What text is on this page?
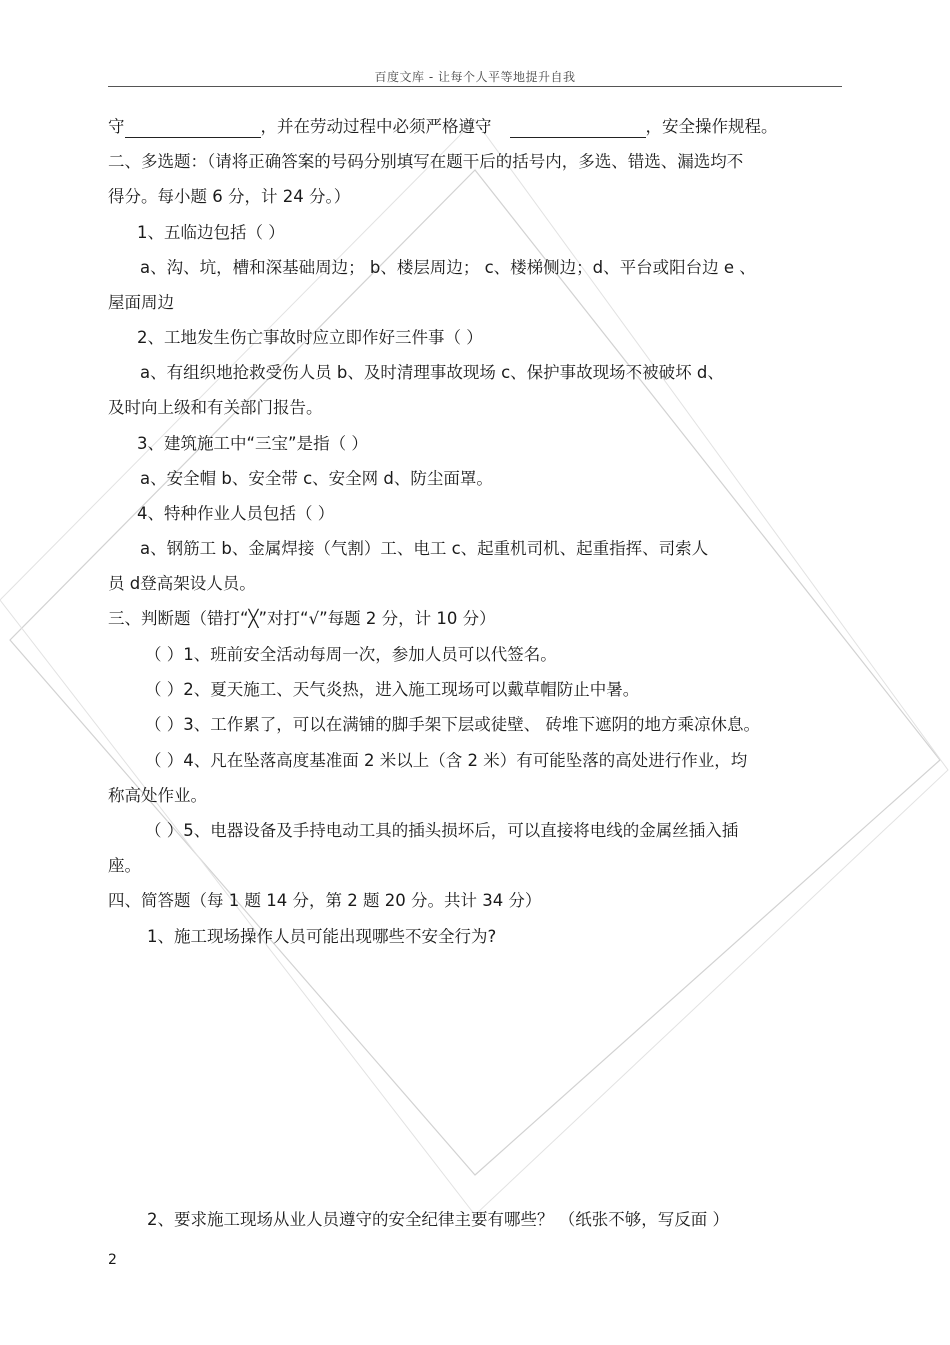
百度文库 - 让每个人平等地提升自我
守	，并在劳动过程中必须严格遵守	，安全操作规程。
二、多选题：（请将正确答案的号码分别填写在题干后的括号内，多选、错选、漏选均不
得分。每小题 6 分，计 24 分。）
1、五临边包括（ ）
a、沟、坑，槽和深基础周边； b、楼层周边； c、楼梯侧边；d、平台或阳台边 e 、
屋面周边
2、工地发生伤亡事故时应立即作好三件事（ ）
a、有组织地抢救受伤人员 b、及时清理事故现场 c、保护事故现场不被破坏 d、
及时向上级和有关部门报告。
3、建筑施工中“三宝”是指（ ）
a、安全帽 b、安全带 c、安全网 d、防尘面罩。
4、特种作业人员包括（ ）
a、钢筋工 b、金属焊接（气割）工、电工 c、起重机司机、起重指挥、司索人
员 d登高架设人员。
三、判断题（错打“╳”对打“√”每题 2 分，计 10 分）
（ ）1、班前安全活动每周一次，参加人员可以代签名。
（ ）2、夏天施工、天气炎热，进入施工现场可以戴草帽防止中暑。
（ ）3、工作累了，可以在满铺的脚手架下层或徒壁、 砖堆下遮阴的地方乘凉休息。
（ ）4、凡在坠落高度基准面 2 米以上（含 2 米）有可能坠落的高处进行作业，均
称高处作业。
（ ）5、电器设备及手持电动工具的插头损坏后，可以直接将电线的金属丝插入插
座。
四、简答题（每 1 题 14 分，第 2 题 20 分。共计 34 分）
1、施工现场操作人员可能出现哪些不安全行为?
2、要求施工现场从业人员遵守的安全纪律主要有哪些？ （纸张不够，写反面 ）
2
